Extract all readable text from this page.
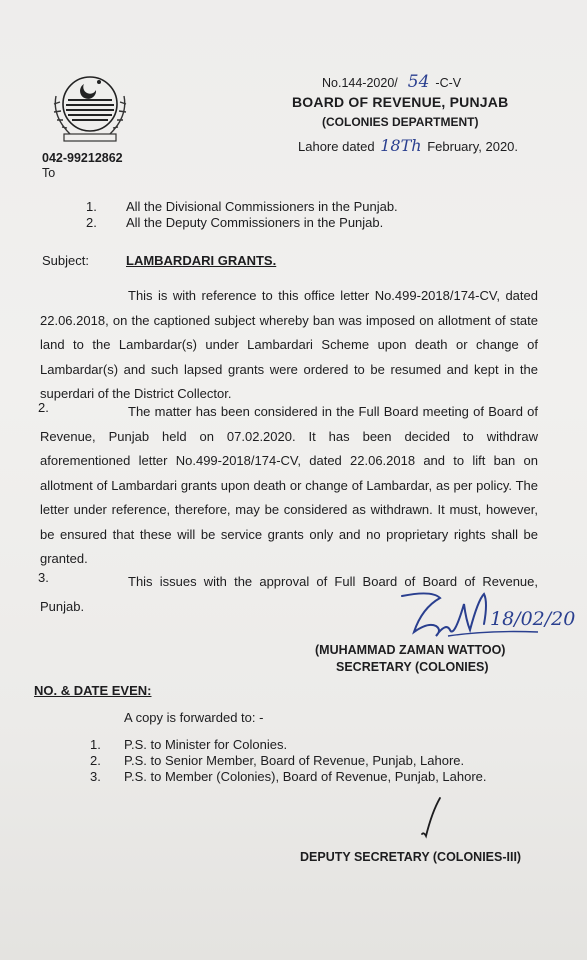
No.144-2020/ 54 -C-V
BOARD OF REVENUE, PUNJAB
(COLONIES DEPARTMENT)
Lahore dated 18Th February, 2020.
042-99212862
To
1. All the Divisional Commissioners in the Punjab.
2. All the Deputy Commissioners in the Punjab.
Subject:	LAMBARDARI GRANTS.
This is with reference to this office letter No.499-2018/174-CV, dated 22.06.2018, on the captioned subject whereby ban was imposed on allotment of state land to the Lambardar(s) under Lambardari Scheme upon death or change of Lambardar(s) and such lapsed grants were ordered to be resumed and kept in the superdari of the District Collector.
2.	The matter has been considered in the Full Board meeting of Board of Revenue, Punjab held on 07.02.2020. It has been decided to withdraw aforementioned letter No.499-2018/174-CV, dated 22.06.2018 and to lift ban on allotment of Lambardari grants upon death or change of Lambardar, as per policy. The letter under reference, therefore, may be considered as withdrawn. It must, however, be ensured that these will be service grants only and no proprietary rights shall be granted.
3.	This issues with the approval of Full Board of Board of Revenue, Punjab.
18/02/20
(MUHAMMAD ZAMAN WATTOO)
SECRETARY (COLONIES)
NO. & DATE EVEN:
A copy is forwarded to: -
1. P.S. to Minister for Colonies.
2. P.S. to Senior Member, Board of Revenue, Punjab, Lahore.
3. P.S. to Member (Colonies), Board of Revenue, Punjab, Lahore.
DEPUTY SECRETARY (COLONIES-III)
